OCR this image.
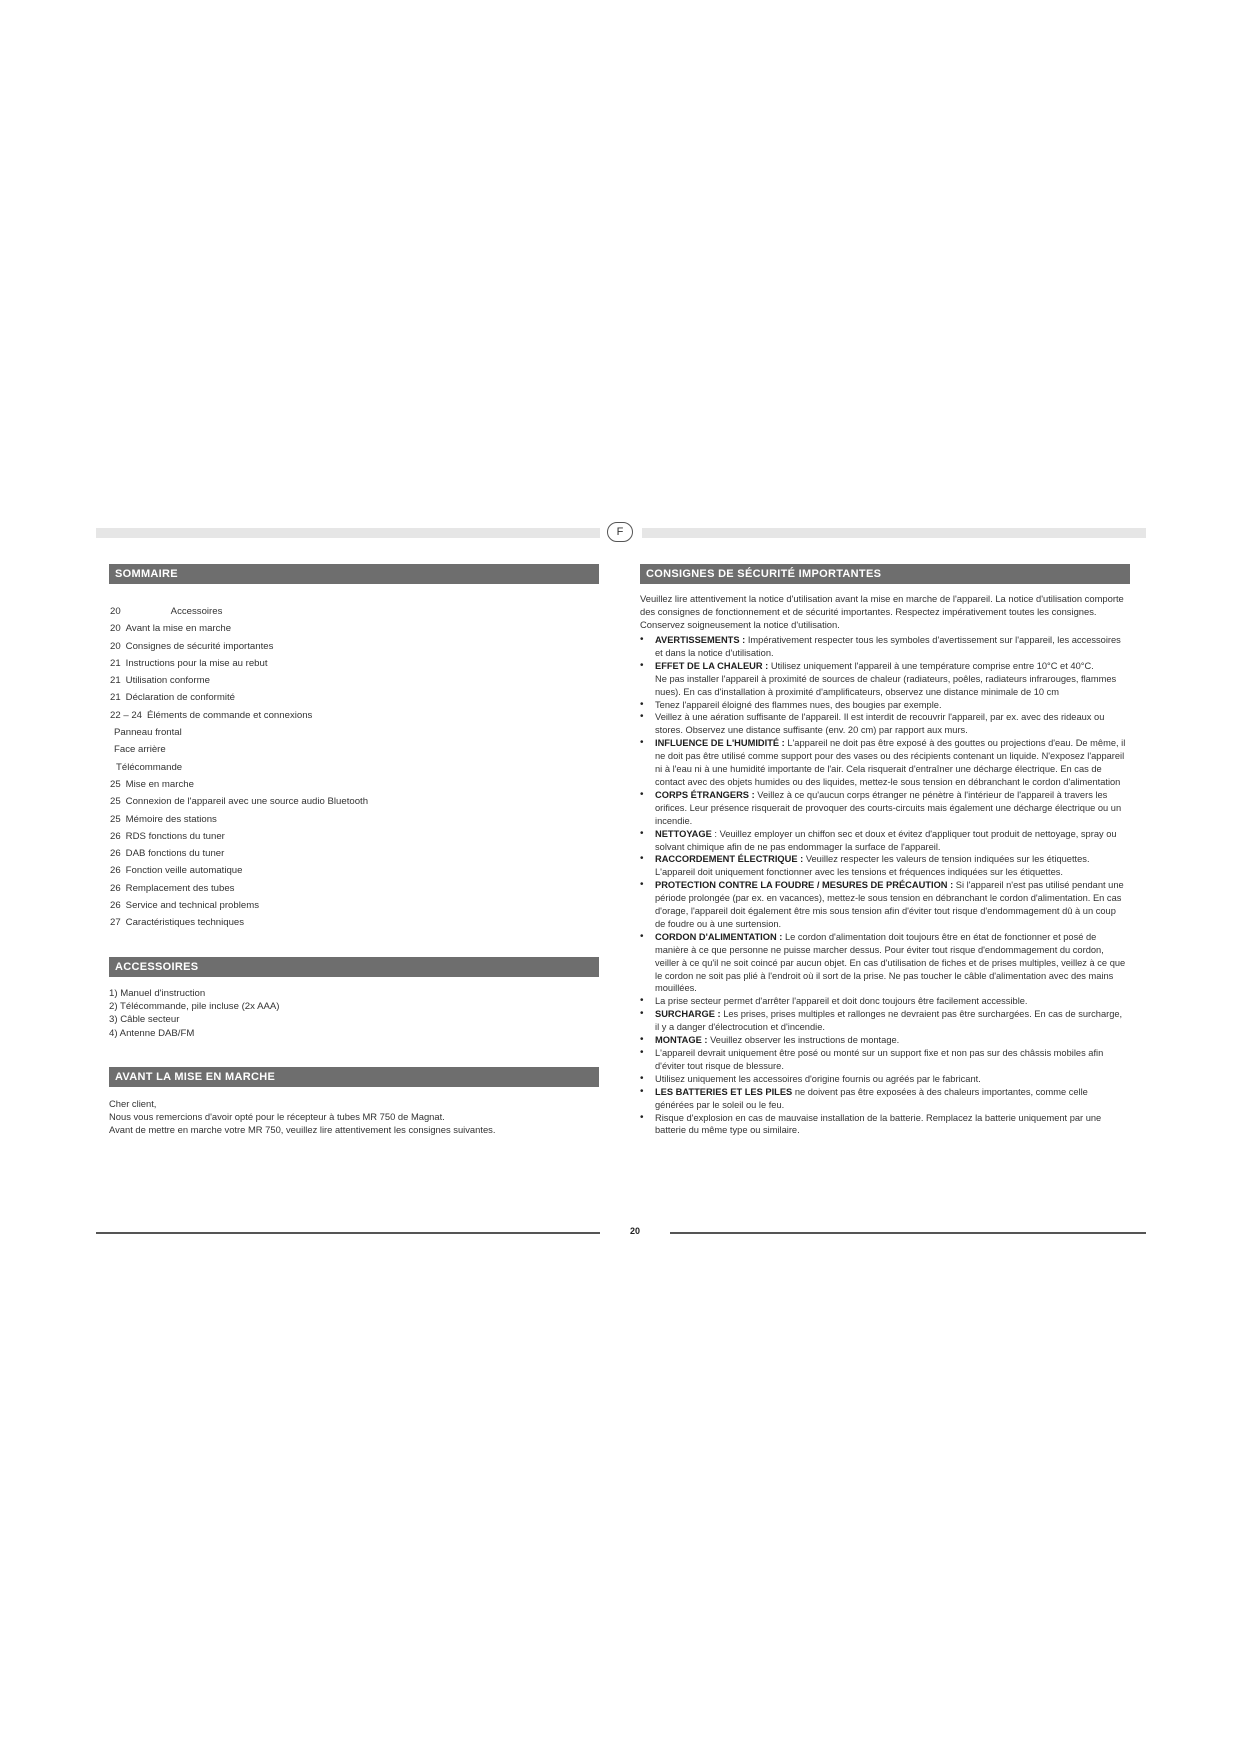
F
SOMMAIRE
20	Accessoires
20 Avant la mise en marche
20 Consignes de sécurité importantes
21 Instructions pour la mise au rebut
21 Utilisation conforme
21 Déclaration de conformité
22 – 24 Éléments de commande et connexions
Panneau frontal
Face arrière
Télécommande
25 Mise en marche
25 Connexion de l'appareil avec une source audio Bluetooth
25 Mémoire des stations
26 RDS fonctions du tuner
26 DAB fonctions du tuner
26 Fonction veille automatique
26 Remplacement des tubes
26 Service and technical problems
27 Caractéristiques techniques
ACCESSOIRES
1) Manuel d'instruction
2) Télécommande, pile incluse (2x AAA)
3) Câble secteur
4) Antenne DAB/FM
AVANT LA MISE EN MARCHE
Cher client,
Nous vous remercions d'avoir opté pour le récepteur à tubes MR 750 de Magnat.
Avant de mettre en marche votre MR 750, veuillez lire attentivement les consignes suivantes.
CONSIGNES DE SÉCURITÉ IMPORTANTES

Veuillez lire attentivement la notice d'utilisation avant la mise en marche de l'appareil. La notice d'utilisation comporte des consignes de fonctionnement et de sécurité importantes. Respectez impérativement toutes les consignes. Conservez soigneusement la notice d'utilisation.

• AVERTISSEMENTS : Impérativement respecter tous les symboles d'avertissement sur l'appareil, les accessoires et dans la notice d'utilisation.
• EFFET DE LA CHALEUR : Utilisez uniquement l'appareil à une température comprise entre 10°C et 40°C.
Ne pas installer l'appareil à proximité de sources de chaleur (radiateurs, poêles, radiateurs infrarouges, flammes nues). En cas d'installation à proximité d'amplificateurs, observez une distance minimale de 10 cm
• Tenez l'appareil éloigné des flammes nues, des bougies par exemple.
• Veillez à une aération suffisante de l'appareil. Il est interdit de recouvrir l'appareil, par ex. avec des rideaux ou stores. Observez une distance suffisante (env. 20 cm) par rapport aux murs.
• INFLUENCE DE L'HUMIDITÉ : L'appareil ne doit pas être exposé à des gouttes ou projections d'eau. De même, il ne doit pas être utilisé comme support pour des vases ou des récipients contenant un liquide. N'exposez l'appareil ni à l'eau ni à une humidité importante de l'air. Cela risquerait d'entraîner une décharge électrique. En cas de contact avec des objets humides ou des liquides, mettez-le sous tension en débranchant le cordon d'alimentation
• CORPS ÉTRANGERS : Veillez à ce qu'aucun corps étranger ne pénètre à l'intérieur de l'appareil à travers les orifices. Leur présence risquerait de provoquer des courts-circuits mais également une décharge électrique ou un incendie.
• NETTOYAGE : Veuillez employer un chiffon sec et doux et évitez d'appliquer tout produit de nettoyage, spray ou solvant chimique afin de ne pas endommager la surface de l'appareil.
• RACCORDEMENT ÉLECTRIQUE : Veuillez respecter les valeurs de tension indiquées sur les étiquettes. L'appareil doit uniquement fonctionner avec les tensions et fréquences indiquées sur les étiquettes.
• PROTECTION CONTRE LA FOUDRE / MESURES DE PRÉCAUTION : Si l'appareil n'est pas utilisé pendant une période prolongée (par ex. en vacances), mettez-le sous tension en débranchant le cordon d'alimentation. En cas d'orage, l'appareil doit également être mis sous tension afin d'éviter tout risque d'endommagement dû à un coup de foudre ou à une surtension.
• CORDON D'ALIMENTATION : Le cordon d'alimentation doit toujours être en état de fonctionner et posé de manière à ce que personne ne puisse marcher dessus. Pour éviter tout risque d'endommagement du cordon, veiller à ce qu'il ne soit coincé par aucun objet. En cas d'utilisation de fiches et de prises multiples, veillez à ce que le cordon ne soit pas plié à l'endroit où il sort de la prise. Ne pas toucher le câble d'alimentation avec des mains mouillées.
• La prise secteur permet d'arrêter l'appareil et doit donc toujours être facilement accessible.
• SURCHARGE : Les prises, prises multiples et rallonges ne devraient pas être surchargées. En cas de surcharge, il y a danger d'électrocution et d'incendie.
• MONTAGE : Veuillez observer les instructions de montage.
• L'appareil devrait uniquement être posé ou monté sur un support fixe et non pas sur des châssis mobiles afin d'éviter tout risque de blessure.
• Utilisez uniquement les accessoires d'origine fournis ou agréés par le fabricant.
• LES BATTERIES ET LES PILES ne doivent pas être exposées à des chaleurs importantes, comme celle générées par le soleil ou le feu.
• Risque d'explosion en cas de mauvaise installation de la batterie. Remplacez la batterie uniquement par une batterie du même type ou similaire.
20
